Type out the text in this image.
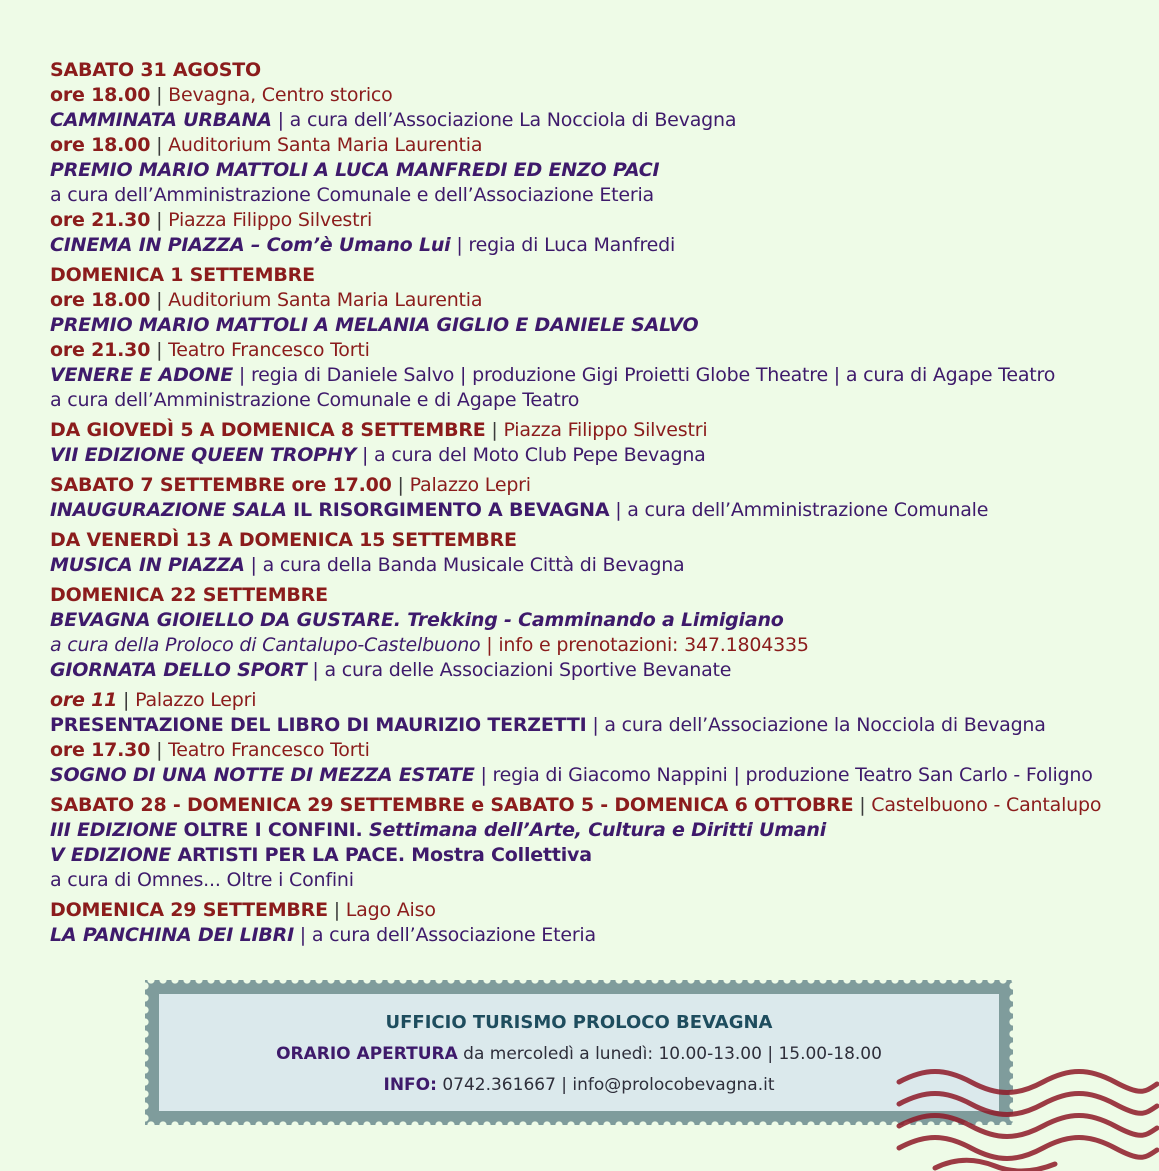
SABATO 31 AGOSTO
ore 18.00 | Bevagna, Centro storico
CAMMINATA URBANA | a cura dell’Associazione La Nocciola di Bevagna
ore 18.00 | Auditorium Santa Maria Laurentia
PREMIO MARIO MATTOLI A LUCA MANFREDI ED ENZO PACI
a cura dell’Amministrazione Comunale e dell’Associazione Eteria
ore 21.30 | Piazza Filippo Silvestri
CINEMA IN PIAZZA – Com’è Umano Lui | regia di Luca Manfredi
DOMENICA 1 SETTEMBRE
ore 18.00 | Auditorium Santa Maria Laurentia
PREMIO MARIO MATTOLI A MELANIA GIGLIO E DANIELE SALVO
ore 21.30 | Teatro Francesco Torti
VENERE E ADONE | regia di Daniele Salvo | produzione Gigi Proietti Globe Theatre | a cura di Agape Teatro
a cura dell’Amministrazione Comunale e di Agape Teatro
DA GIOVEDÌ 5 A DOMENICA 8 SETTEMBRE | Piazza Filippo Silvestri
VII EDIZIONE QUEEN TROPHY | a cura del Moto Club Pepe Bevagna
SABATO 7 SETTEMBRE ore 17.00 | Palazzo Lepri
INAUGURAZIONE SALA IL RISORGIMENTO A BEVAGNA | a cura dell’Amministrazione Comunale
DA VENERDÌ 13 A DOMENICA 15 SETTEMBRE
MUSICA IN PIAZZA | a cura della Banda Musicale Città di Bevagna
DOMENICA 22 SETTEMBRE
BEVAGNA GIOIELLO DA GUSTARE. Trekking - Camminando a Limigiano
a cura della Proloco di Cantalupo-Castelbuono | info e prenotazioni: 347.1804335
GIORNATA DELLO SPORT | a cura delle Associazioni Sportive Bevanate
ore 11 | Palazzo Lepri
PRESENTAZIONE DEL LIBRO DI MAURIZIO TERZETTI | a cura dell’Associazione la Nocciola di Bevagna
ore 17.30 | Teatro Francesco Torti
SOGNO DI UNA NOTTE DI MEZZA ESTATE | regia di Giacomo Nappini | produzione Teatro San Carlo - Foligno
SABATO 28 - DOMENICA 29 SETTEMBRE e SABATO 5 - DOMENICA 6 OTTOBRE | Castelbuono - Cantalupo
III EDIZIONE OLTRE I CONFINI. Settimana dell’Arte, Cultura e Diritti Umani
V EDIZIONE ARTISTI PER LA PACE. Mostra Collettiva
a cura di Omnes... Oltre i Confini
DOMENICA 29 SETTEMBRE | Lago Aiso
LA PANCHINA DEI LIBRI | a cura dell’Associazione Eteria
UFFICIO TURISMO PROLOCO BEVAGNA
ORARIO APERTURA da mercoledì a lunedì: 10.00-13.00 | 15.00-18.00
INFO: 0742.361667 | info@prolocobevagna.it
